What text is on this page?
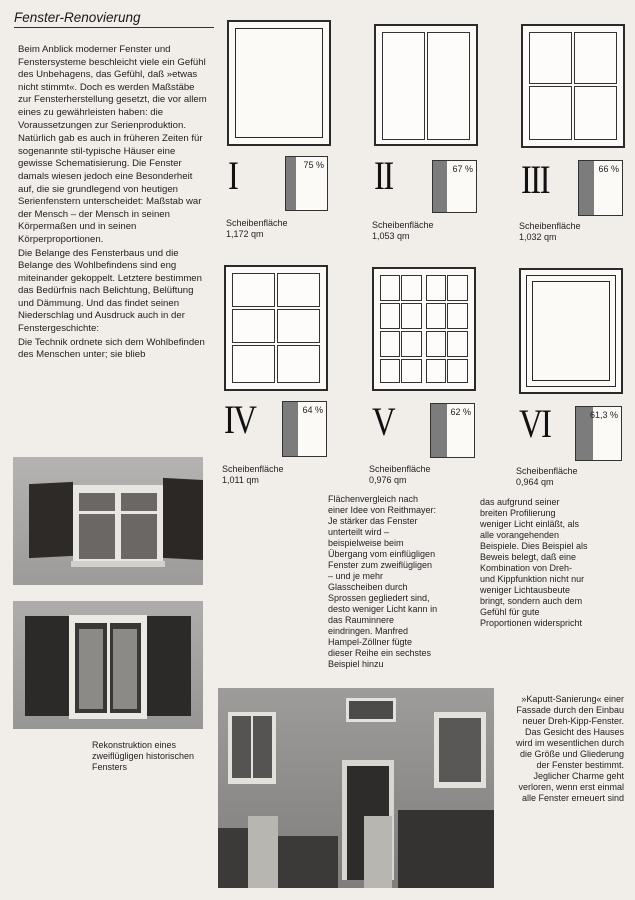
Fenster-Renovierung

Beim Anblick moderner Fenster und Fenstersysteme beschleicht viele ein Gefühl des Unbehagens, das Gefühl, daß »etwas nicht stimmt«. Doch es werden Maßstäbe zur Fensterherstellung gesetzt, die vor allem eines zu gewährleisten haben: die Voraussetzungen zur Serienproduktion.

Natürlich gab es auch in früheren Zeiten für sogenannte stil-typische Häuser eine gewisse Schematisierung. Die Fenster damals wiesen jedoch eine Besonderheit auf, die sie grundlegend von heutigen Serienfenstern unterscheidet: Maßstab war der Mensch – der Mensch in seinen Körpermaßen und in seinen Körperproportionen.

Die Belange des Fensterbaus und die Belange des Wohlbefindens sind eng miteinander gekoppelt. Letztere bestimmen das Bedürfnis nach Belichtung, Belüftung und Dämmung. Und das findet seinen Niederschlag und Ausdruck auch in der Fenstergeschichte:

Die Technik ordnete sich dem Wohlbefinden des Menschen unter; sie blieb

I	75 %
Scheibenfläche
1,172 qm
II	67 %
Scheibenfläche
1,053 qm
III	66 %
Scheibenfläche
1,032 qm
IV	64 %
Scheibenfläche
1,011 qm
V	62 %
Scheibenfläche
0,976 qm
VI	61,3 %
Scheibenfläche
0,964 qm
Flächenvergleich nach einer Idee von Reithmayer: Je stärker das Fenster unterteilt wird – beispielweise beim Übergang vom einflügligen Fenster zum zweiflügligen – und je mehr Glasscheiben durch Sprossen gegliedert sind, desto weniger Licht kann in das Rauminnere eindringen. Manfred Hampel-Zöllner fügte dieser Reihe ein sechstes Beispiel hinzu
das aufgrund seiner breiten Profilierung weniger Licht einläßt, als alle vorangehenden Beispiele. Dies Beispiel als Beweis belegt, daß eine Kombination von Dreh- und Kippfunktion nicht nur weniger Lichtausbeute bringt, sondern auch dem Gefühl für gute Proportionen widerspricht
Rekonstruktion eines zweiflügligen historischen Fensters
»Kaputt-Sanierung« einer Fassade durch den Einbau neuer Dreh-Kipp-Fenster. Das Gesicht des Hauses wird im wesentlichen durch die Größe und Gliederung der Fenster bestimmt. Jeglicher Charme geht verloren, wenn erst einmal alle Fenster erneuert sind
